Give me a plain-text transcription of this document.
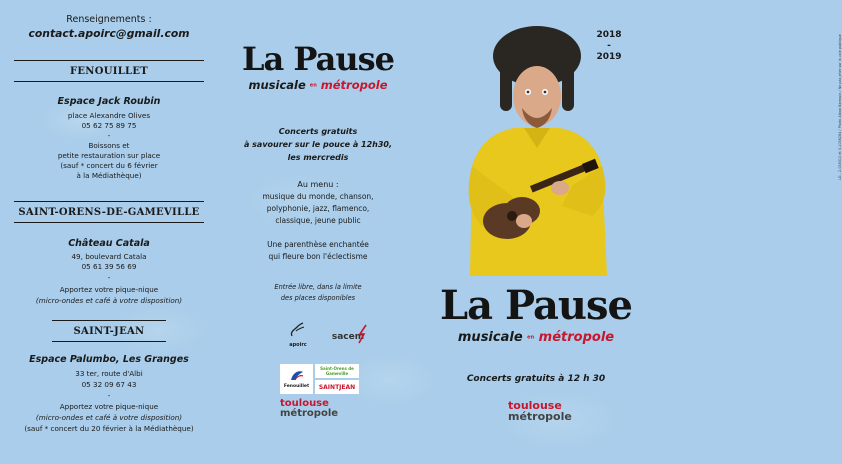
Renseignements :
contact.apoirc@gmail.com
FENOUILLET
Espace Jack Roubin
place Alexandre Olives
05 62 75 89 75
-
Boissons et
petite restauration sur place
(sauf * concert du 6 février
à la Médiathèque)
SAINT-ORENS-DE-GAMEVILLE
Château Catala
49, boulevard Catala
05 61 39 56 69
-
Apportez votre pique-nique
(micro-ondes et café à votre disposition)
SAINT-JEAN
Espace Palumbo, Les Granges
33 ter, route d'Albi
05 32 09 67 43
-
Apportez votre pique-nique
(micro-ondes et café à votre disposition)
(sauf * concert du 20 février à la Médiathèque)
La Pause
musicale en métropole
Concerts gratuits
à savourer sur le pouce à 12h30,
les mercredis
Au menu :
musique du monde, chanson,
polyphonie, jazz, flamenco,
classique, jeune public
Une parenthèse enchantée
qui fleure bon l'éclectisme
Entrée libre, dans la limite
des places disponibles
apoirc
sacem
Fenouillet
Saint-Orens de Gameville
SAINTJEAN
toulouse
métropole
2018
-
2019	LG - 2-058310 et 3-1058284 / Photo Alban Barrouin / Ne pas jeter sur la voie publique
La Pause
musicale en métropole
Concerts gratuits à 12 h 30
toulouse
métropole
